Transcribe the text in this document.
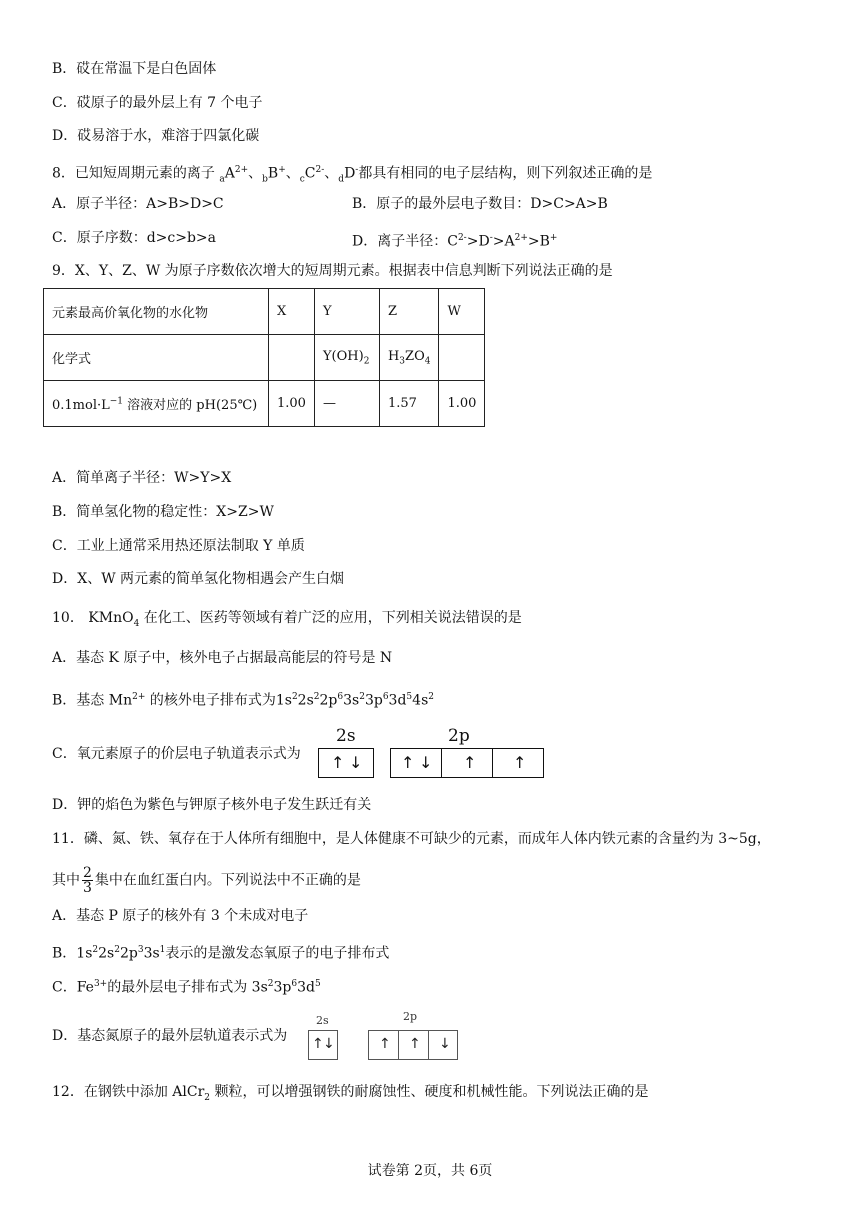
B．砹在常温下是白色固体
C．砹原子的最外层上有 7 个电子
D．砹易溶于水，难溶于四氯化碳
8．已知短周期元素的离子 $_aA^{2+}$、$_b$B+、$_cC^{2-}$、$_d$D-都具有相同的电子层结构，则下列叙述正确的是
A．原子半径：A>B>D>C	B．原子的最外层电子数目：D>C>A>B
C．原子序数：d>c>b>a	D．离子半径：$C^{2-}>D^->A^{2+}>B^+$
9．X、Y、Z、W 为原子序数依次增大的短周期元素。根据表中信息判断下列说法正确的是
元素最高价氧化物的水化物	X	Y	Z	W
化学式		$Y(OH)_2$	$H_3ZO_4$	
$0.1mol\cdot L^{-1}$ 溶液对应的 pH(25℃)	1.00	—	1.57	1.00
A．简单离子半径：W>Y>X
B．简单氢化物的稳定性：X>Z>W
C．工业上通常采用热还原法制取 Y 单质
D．X、W 两元素的简单氢化物相遇会产生白烟
10． KMnO$_4$ 在化工、医药等领域有着广泛的应用，下列相关说法错误的是
A．基态 K 原子中，核外电子占据最高能层的符号是 N
B．基态 $Mn^{2+}$ 的核外电子排布式为$1s^22s^22p^63s^23p^63d^54s^2$
C．氧元素原子的价层电子轨道表示式为
2s	2p
↑ ↓ ↑ ↓ ↑ ↑
D．钾的焰色为紫色与钾原子核外电子发生跃迁有关
11．磷、氮、铁、氧存在于人体所有细胞中，是人体健康不可缺少的元素，而成年人体内铁元素的含量约为 3~5g，
其中 $\frac{2}{3}$ 集中在血红蛋白内。下列说法中不正确的是
A．基态 P 原子的核外有 3 个未成对电子
B．$1s^22s^22p^33s^1$表示的是激发态氧原子的电子排布式
C．$Fe^{3+}$的最外层电子排布式为 $3s^23p^63d^5$
D．基态氮原子的最外层轨道表示式为
2s	2p
↑ ↓	↑ ↑ ↓
12．在钢铁中添加 AlCr$_2$ 颗粒，可以增强钢铁的耐腐蚀性、硬度和机械性能。下列说法正确的是
试卷第 2页，共 6页
